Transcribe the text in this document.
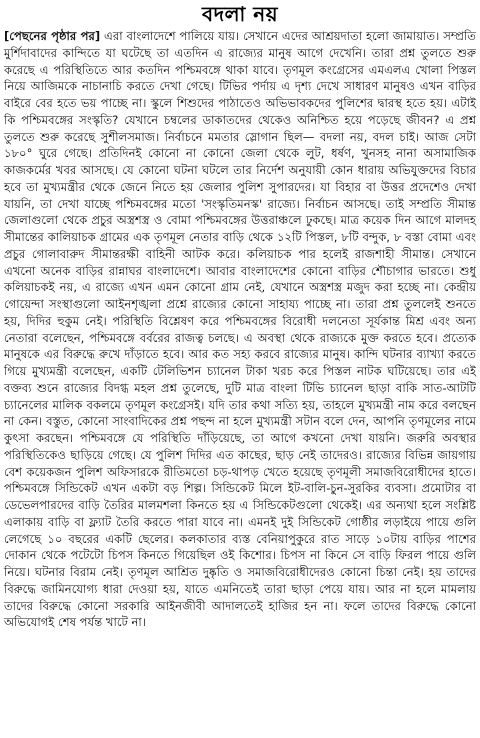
বদলা নয়

[পেছনের পৃষ্ঠার পর] এরা বাংলাদেশে পালিয়ে যায়। সেখানে এদের আশ্রয়দাতা হলো জামায়াত। সম্প্রতি মুর্শিদাবাদের কান্দিতে যা ঘটেছে তা এতদিন এ রাজ্যের মানুষ আগে দেখেনি। তারা প্রশ্ন তুলতে শুরু করেছে এ পরিস্থিতিতে আর কতদিন পশ্চিমবঙ্গে থাকা যাবে। তৃণমূল কংগ্রেসের এমএলএ খোলা পিস্তল নিয়ে আজিমকে নাচানাচি করতে দেখা গেছে। টিভির পর্দায় এ দৃশ্য দেখে সাধারণ মানুষও এখন বাড়ির বাইরে বের হতে ভয় পাচ্ছে না। স্কুলে শিশুদের পাঠাতেও অভিভাবকদের পুলিশের দ্বারস্থ হতে হয়। এটাই কি পশ্চিমবঙ্গের সংস্কৃতি? যেখানে চম্বলের ডাকাতদের থেকেও অনিশ্চিত হয়ে পড়েছে জীবন? এ প্রশ্ন তুলতে শুরু করেছে সুশীলসমাজ। নির্বাচনে মমতার স্লোগান ছিল— বদলা নয়, বদল চাই। আজ সেটা ১৮০° ঘুরে গেছে। প্রতিদিনই কোনো না কোনো জেলা থেকে লুট, ধর্ষণ, খুনসহ নানা অসামাজিক কাজকর্মের খবর আসছে। যে কোনো ঘটনা ঘটলে তার নির্দেশ অনুযায়ী কোন ধারায় অভিযুক্তদের বিচার হবে তা মুখ্যমন্ত্রীর থেকে জেনে নিতে হয় জেলার পুলিশ সুপারদের। যা বিহার বা উত্তর প্রদেশেও দেখা যায়নি, তা দেখা যাচ্ছে পশ্চিমবঙ্গের মতো 'সংস্কৃতিমনস্ক' রাজ্যে। নির্বাচন আসছে। তাই সম্প্রতি সীমান্ত জেলাগুলো থেকে প্রচুর অস্ত্রশস্ত্র ও বোমা পশ্চিমবঙ্গের উত্তরাঞ্চলে ঢুকছে। মাত্র কয়েক দিন আগে মালদহ সীমান্তের কালিয়াচক গ্রামের এক তৃণমূল নেতার বাড়ি থেকে ১২টি পিস্তল, ৮টি বন্দুক, ৮ বস্তা বোমা এবং প্রচুর গোলাবারুদ সীমান্তরক্ষী বাহিনী আটক করে। কলিয়াচক পার হলেই রাজশাহী সীমান্ত। সেখানে এখনো অনেক বাড়ির রান্নাঘর বাংলাদেশে। আবার বাংলাদেশের কোনো বাড়ির শৌচাগার ভারতে। শুধু কলিয়াচকই নয়, এ রাজ্যে এখন এমন কোনো গ্রাম নেই, যেখানে অস্ত্রশস্ত্র মজুদ করা হচ্ছে না। কেন্দ্রীয় গোয়েন্দা সংস্থাগুলো আইনশৃঙ্খলা প্রশ্নে রাজ্যের কোনো সাহায্য পাচ্ছে না। তারা প্রশ্ন তুললেই শুনতে হয়, দিদির হুকুম নেই। পরিস্থিতি বিশ্লেষণ করে পশ্চিমবঙ্গের বিরোধী দলনেতা সূর্যকান্ত মিশ্র এবং অন্য নেতারা বলেছেন, পশ্চিমবঙ্গে বর্বরের রাজত্ব চলছে। এ অবস্থা থেকে রাজ্যকে মুক্ত করতে হবে। প্রত্যেক মানুষকে এর বিরুদ্ধে রুখে দাঁড়াতে হবে। আর কত সহ্য করবে রাজ্যের মানুষ। কান্দি ঘটনার ব্যাখ্যা করতে গিয়ে মুখ্যমন্ত্রী বলেছেন, একটি টেলিভিশন চ্যানেল টাকা খরচ করে পিস্তল নাটক ঘটিয়েছে। তার এই বক্তব্য শুনে রাজ্যের বিদগ্ধ মহল প্রশ্ন তুলেছে, দুটি মাত্র বাংলা টিভি চ্যানেল ছাড়া বাকি সাত-আটটি চ্যানেলের মালিক বকলমে তৃণমূল কংগ্রেসই। যদি তার কথা সত্যি হয়, তাহলে মুখ্যমন্ত্রী নাম করে বলছেন না কেন। বস্তুত, কোনো সাংবাদিকের প্রশ্ন পছন্দ না হলে মুখ্যমন্ত্রী সটান বলে দেন, আপনি তৃণমূলের নামে কুৎসা করছেন। পশ্চিমবঙ্গে যে পরিস্থিতি দাঁড়িয়েছে, তা আগে কখনো দেখা যায়নি। জরুরি অবস্থার পরিস্থিতিকেও ছাড়িয়ে গেছে। যে পুলিশ দিদির এত কাছের, ছাড় নেই তাদেরও। রাজ্যের বিভিন্ন জায়গায় বেশ কয়েকজন পুলিশ অফিসারকে রীতিমতো চড়-থাপড় খেতে হয়েছে তৃণমূলী সমাজবিরোধীদের হাতে। পশ্চিমবঙ্গে সিন্ডিকেট এখন একটা বড় শিল্প। সিন্ডিকেট মিলে ইট-বালি-চুন-সুরকির ব্যবসা। প্রমোটার বা ডেভেলপারদের বাড়ি তৈরির মালমশলা কিনতে হয় এ সিন্ডিকেটগুলো থেকেই। এর অন্যথা হলে সংশ্লিষ্ট এলাকায় বাড়ি বা ফ্ল্যাট তৈরি করতে পারা যাবে না। এমনই দুই সিন্ডিকেট গোষ্ঠীর লড়াইয়ে পায়ে গুলি লেগেছে ১০ বছরের একটি ছেলের। কলকাতার ব্যস্ত বেনিয়াপুকুরে রাত সাড়ে ১০টায় বাড়ির পাশের দোকান থেকে পটেটো চিপস কিনতে গিয়েছিল ওই কিশোর। চিপস না কিনে সে বাড়ি ফিরল পায়ে গুলি নিয়ে। ঘটনার বিরাম নেই। তৃণমূল আশ্রিত দুষ্কৃতি ও সমাজবিরোধীদেরও কোনো চিন্তা নেই। হয় তাদের বিরুদ্ধে জামিনযোগ্য ধারা দেওয়া হয়, যাতে এমনিতেই তারা ছাড়া পেয়ে যায়। আর না হলে মামলায় তাদের বিরুদ্ধে কোনো সরকারি আইনজীবী আদালতেই হাজির হন না। ফলে তাদের বিরুদ্ধে কোনো অভিযোগই শেষ পর্যন্ত খাটে না।
